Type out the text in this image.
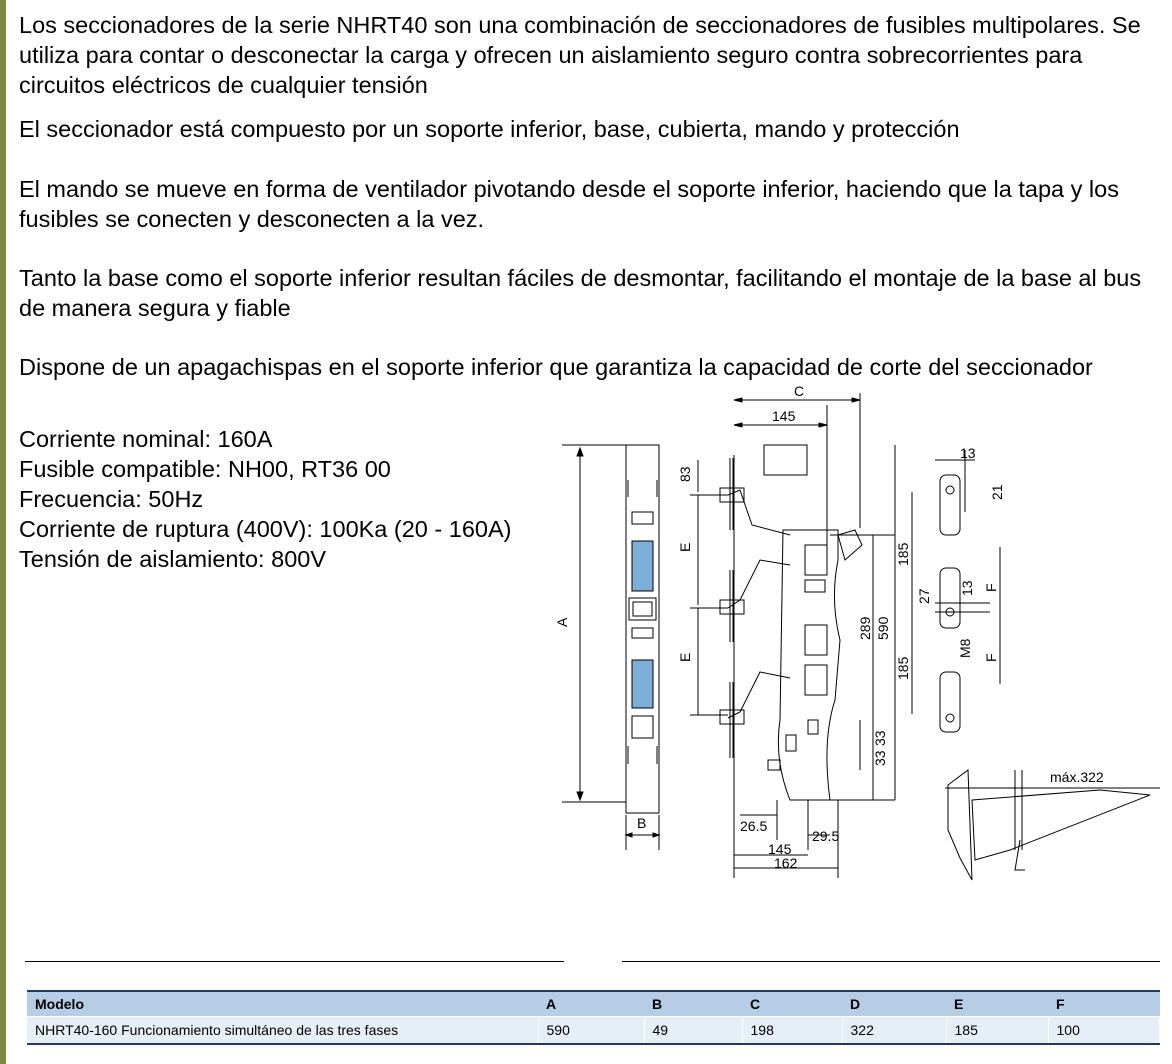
Los seccionadores de la serie NHRT40 son una combinación de seccionadores de fusibles multipolares. Se utiliza para contar o desconectar la carga y ofrecen un aislamiento seguro contra sobrecorrientes para circuitos eléctricos de cualquier tensión

El seccionador está compuesto por un soporte inferior, base, cubierta, mando y protección

El mando se mueve en forma de ventilador pivotando desde el soporte inferior, haciendo que la tapa y los fusibles se conecten y desconecten a la vez.

Tanto la base como el soporte inferior resultan fáciles de desmontar, facilitando el montaje de la base al bus de manera segura y fiable

Dispone de un apagachispas en el soporte inferior que garantiza la capacidad de corte del seccionador

Corriente nominal: 160A

Fusible compatible: NH00, RT36 00

Frecuencia: 50Hz

Corriente de ruptura (400V): 100Ka (20 - 160A)

Tensión de aislamiento: 800V

A
B
C
145
83
E
E
185
185
289 590
33
33
13
21
27
13
M8
F
F
26.5
29.5
145
162
máx.322
Modelo	A	B	C	D	E	F
NHRT40-160 Funcionamiento simultáneo de las tres fases	590	49	198	322	185	100
